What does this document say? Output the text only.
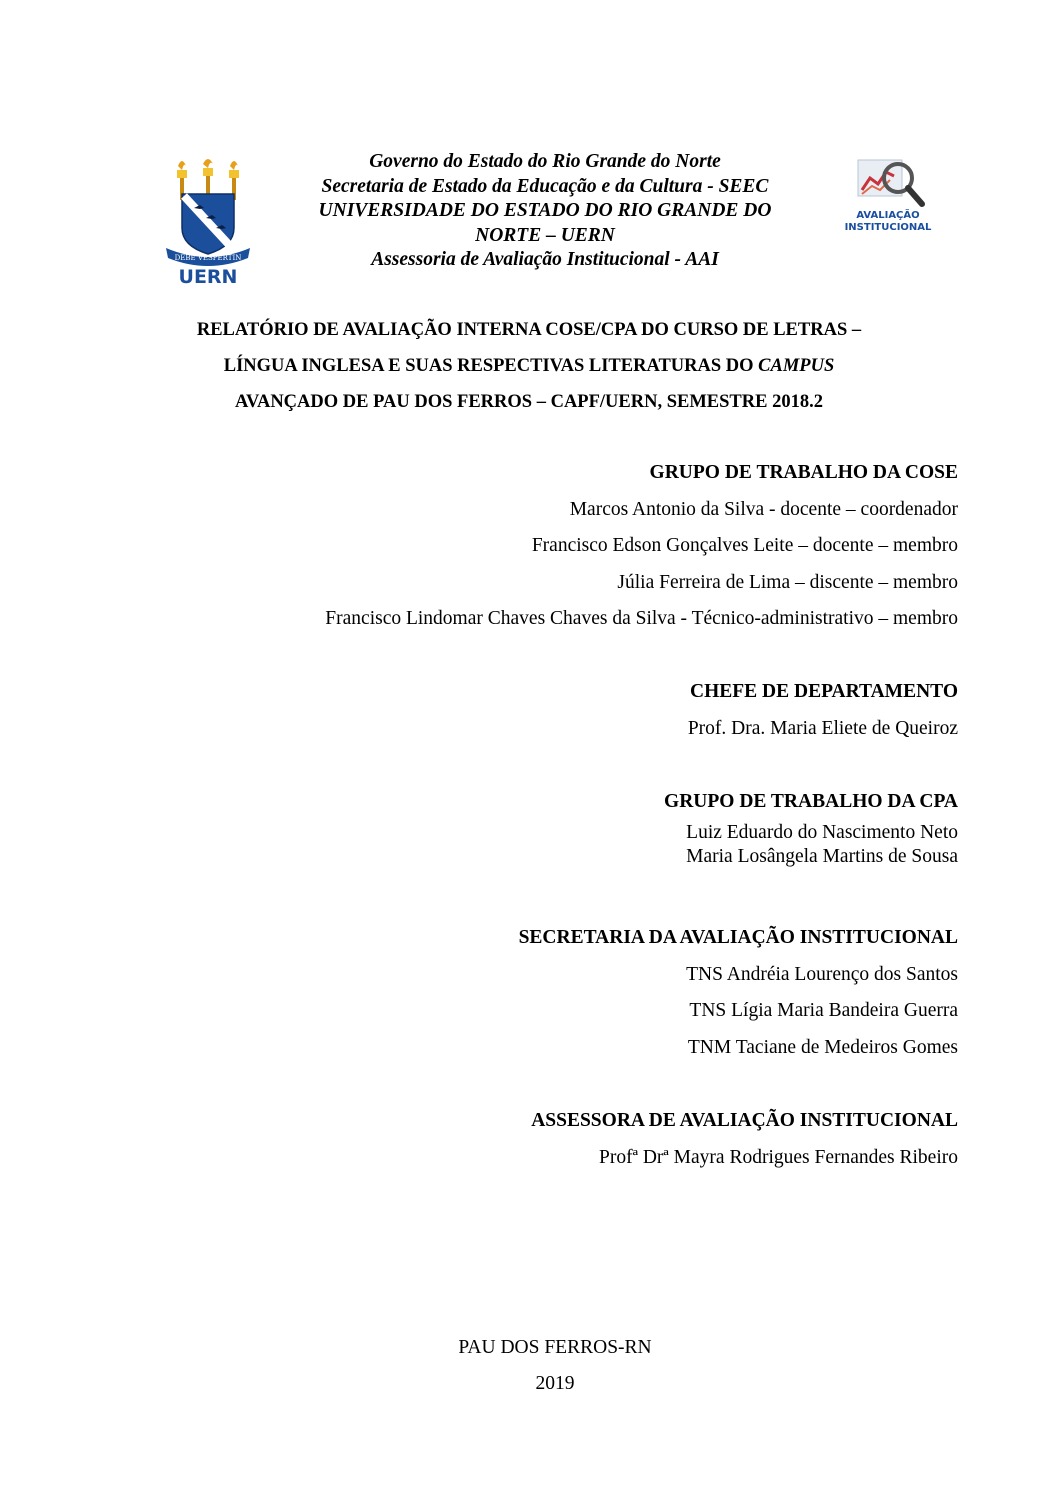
DEBE VESPERTIN
UERN
AVALIAÇÃO
INSTITUCIONAL
Governo do Estado do Rio Grande do Norte
Secretaria de Estado da Educação e da Cultura - SEEC
UNIVERSIDADE DO ESTADO DO RIO GRANDE DO
NORTE – UERN
Assessoria de Avaliação Institucional - AAI
RELATÓRIO DE AVALIAÇÃO INTERNA COSE/CPA DO CURSO DE LETRAS –
LÍNGUA INGLESA E SUAS RESPECTIVAS LITERATURAS DO CAMPUS
AVANÇADO DE PAU DOS FERROS – CAPF/UERN, SEMESTRE 2018.2
GRUPO DE TRABALHO DA COSE
Marcos Antonio da Silva - docente – coordenador
Francisco Edson Gonçalves Leite – docente – membro
Júlia Ferreira de Lima – discente – membro
Francisco Lindomar Chaves Chaves da Silva - Técnico-administrativo – membro
CHEFE DE DEPARTAMENTO
Prof. Dra. Maria Eliete de Queiroz
GRUPO DE TRABALHO DA CPA
Luiz Eduardo do Nascimento Neto
Maria Losângela Martins de Sousa
SECRETARIA DA AVALIAÇÃO INSTITUCIONAL
TNS Andréia Lourenço dos Santos
TNS Lígia Maria Bandeira Guerra
TNM Taciane de Medeiros Gomes
ASSESSORA DE AVALIAÇÃO INSTITUCIONAL
Profª Drª Mayra Rodrigues Fernandes Ribeiro
PAU DOS FERROS-RN
2019
